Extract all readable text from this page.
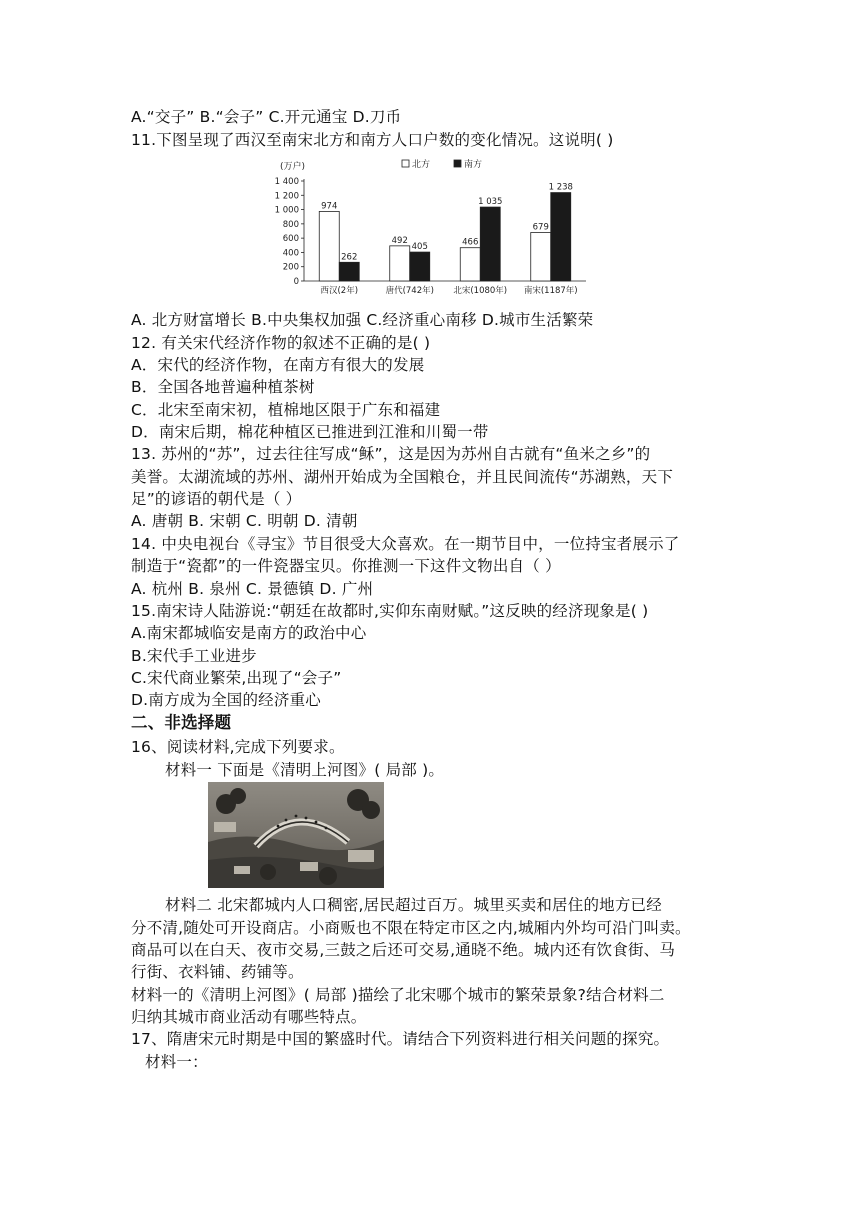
A.“交子” B.“会子” C.开元通宝 D.刀币
11.下图呈现了西汉至南宋北方和南方人口户数的变化情况。这说明( )
(万户)	北方	南方
0
200
400
600
800
1 000
1 200
1 400
974
262
西汉(2年)
492
405
唐代(742年)
466
1 035
北宋(1080年)
679
1 238
南宋(1187年)
A. 北方财富增长 B.中央集权加强 C.经济重心南移 D.城市生活繁荣
12. 有关宋代经济作物的叙述不正确的是( )
A．宋代的经济作物，在南方有很大的发展
B．全国各地普遍种植茶树
C．北宋至南宋初，植棉地区限于广东和福建
D．南宋后期，棉花种植区已推进到江淮和川蜀一带
13. 苏州的“苏”，过去往往写成“稣”，这是因为苏州自古就有“鱼米之乡”的
美誉。太湖流域的苏州、湖州开始成为全国粮仓，并且民间流传“苏湖熟，天下
足”的谚语的朝代是（ ）
A. 唐朝 B. 宋朝 C. 明朝 D. 清朝
14. 中央电视台《寻宝》节目很受大众喜欢。在一期节目中，一位持宝者展示了
制造于“瓷都”的一件瓷器宝贝。你推测一下这件文物出自（ ）
A. 杭州 B. 泉州 C. 景德镇 D. 广州
15.南宋诗人陆游说:“朝廷在故都时,实仰东南财赋。”这反映的经济现象是( )
A.南宋都城临安是南方的政治中心
B.宋代手工业进步
C.宋代商业繁荣,出现了“会子”
D.南方成为全国的经济重心
二、非选择题
16、阅读材料,完成下列要求。
材料一 下面是《清明上河图》( 局部 )。
材料二 北宋都城内人口稠密,居民超过百万。城里买卖和居住的地方已经
分不清,随处可开设商店。小商贩也不限在特定市区之内,城厢内外均可沿门叫卖。
商品可以在白天、夜市交易,三鼓之后还可交易,通晓不绝。城内还有饮食街、马
行街、衣料铺、药铺等。
材料一的《清明上河图》( 局部 )描绘了北宋哪个城市的繁荣景象?结合材料二
归纳其城市商业活动有哪些特点。
17、隋唐宋元时期是中国的繁盛时代。请结合下列资料进行相关问题的探究。
材料一：
